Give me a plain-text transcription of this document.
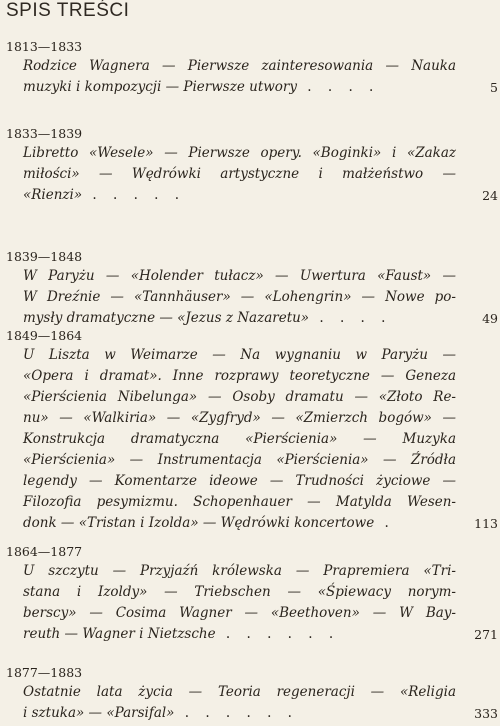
SPIS TREŚCI
1813—1833
Rodzice Wagnera — Pierwsze zainteresowania — Nauka
muzyki i kompozycji — Pierwsze utwory . . . .	5
1833—1839
Libretto «Wesele» — Pierwsze opery. «Boginki» i «Zakaz
miłości» — Wędrówki artystyczne i małżeństwo —
«Rienzi» . . . . .	24
1839—1848
W Paryżu — «Holender tułacz» — Uwertura «Faust» —
W Dreźnie — «Tannhäuser» — «Lohengrin» — Nowe po-
mysły dramatyczne — «Jezus z Nazaretu» . . . .	49
1849—1864
U Liszta w Weimarze — Na wygnaniu w Paryżu —
«Opera i dramat». Inne rozprawy teoretyczne — Geneza
«Pierścienia Nibelunga» — Osoby dramatu — «Złoto Re-
nu» — «Walkiria» — «Zygfryd» — «Zmierzch bogów» —
Konstrukcja dramatyczna «Pierścienia» — Muzyka
«Pierścienia» — Instrumentacja «Pierścienia» — Źródła
legendy — Komentarze ideowe — Trudności życiowe —
Filozofia pesymizmu. Schopenhauer — Matylda Wesen-
donk — «Tristan i Izolda» — Wędrówki koncertowe .	113
1864—1877
U szczytu — Przyjaźń królewska — Prapremiera «Tri-
stana i Izoldy» — Triebschen — «Śpiewacy norym-
berscy» — Cosima Wagner — «Beethoven» — W Bay-
reuth — Wagner i Nietzsche . . . . . .	271
1877—1883
Ostatnie lata życia — Teoria regeneracji — «Religia
i sztuka» — «Parsifal» . . . . . .	333
